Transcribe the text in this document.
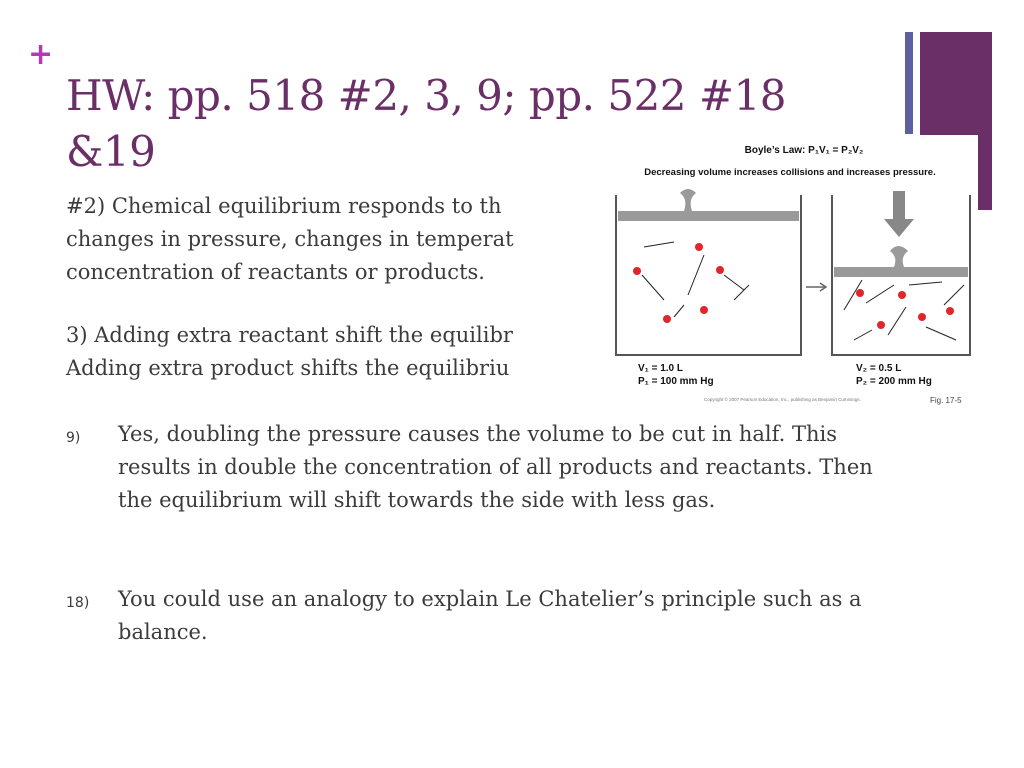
+
HW: pp. 518 #2, 3, 9; pp. 522 #18 &19

#2) Chemical equilibrium responds to th
changes in pressure, changes in temperat
concentration of reactants or products.

3) Adding extra reactant shift the equilibr
Adding extra product shifts the equilibriu

9) Yes, doubling the pressure causes the volume to be cut in half. This results in double the concentration of all products and reactants. Then the equilibrium will shift towards the side with less gas.
18) You could use an analogy to explain Le Chatelier’s principle such as a balance.
Boyle’s Law: P₁V₁ = P₂V₂
Decreasing volume increases collisions and increases pressure.
V₁ = 1.0 L
P₁ = 100 mm Hg
V₂ = 0.5 L
P₂ = 200 mm Hg
Copyright © 2007 Pearson Education, Inc., publishing as Benjamin Cummings.	Fig. 17-5
